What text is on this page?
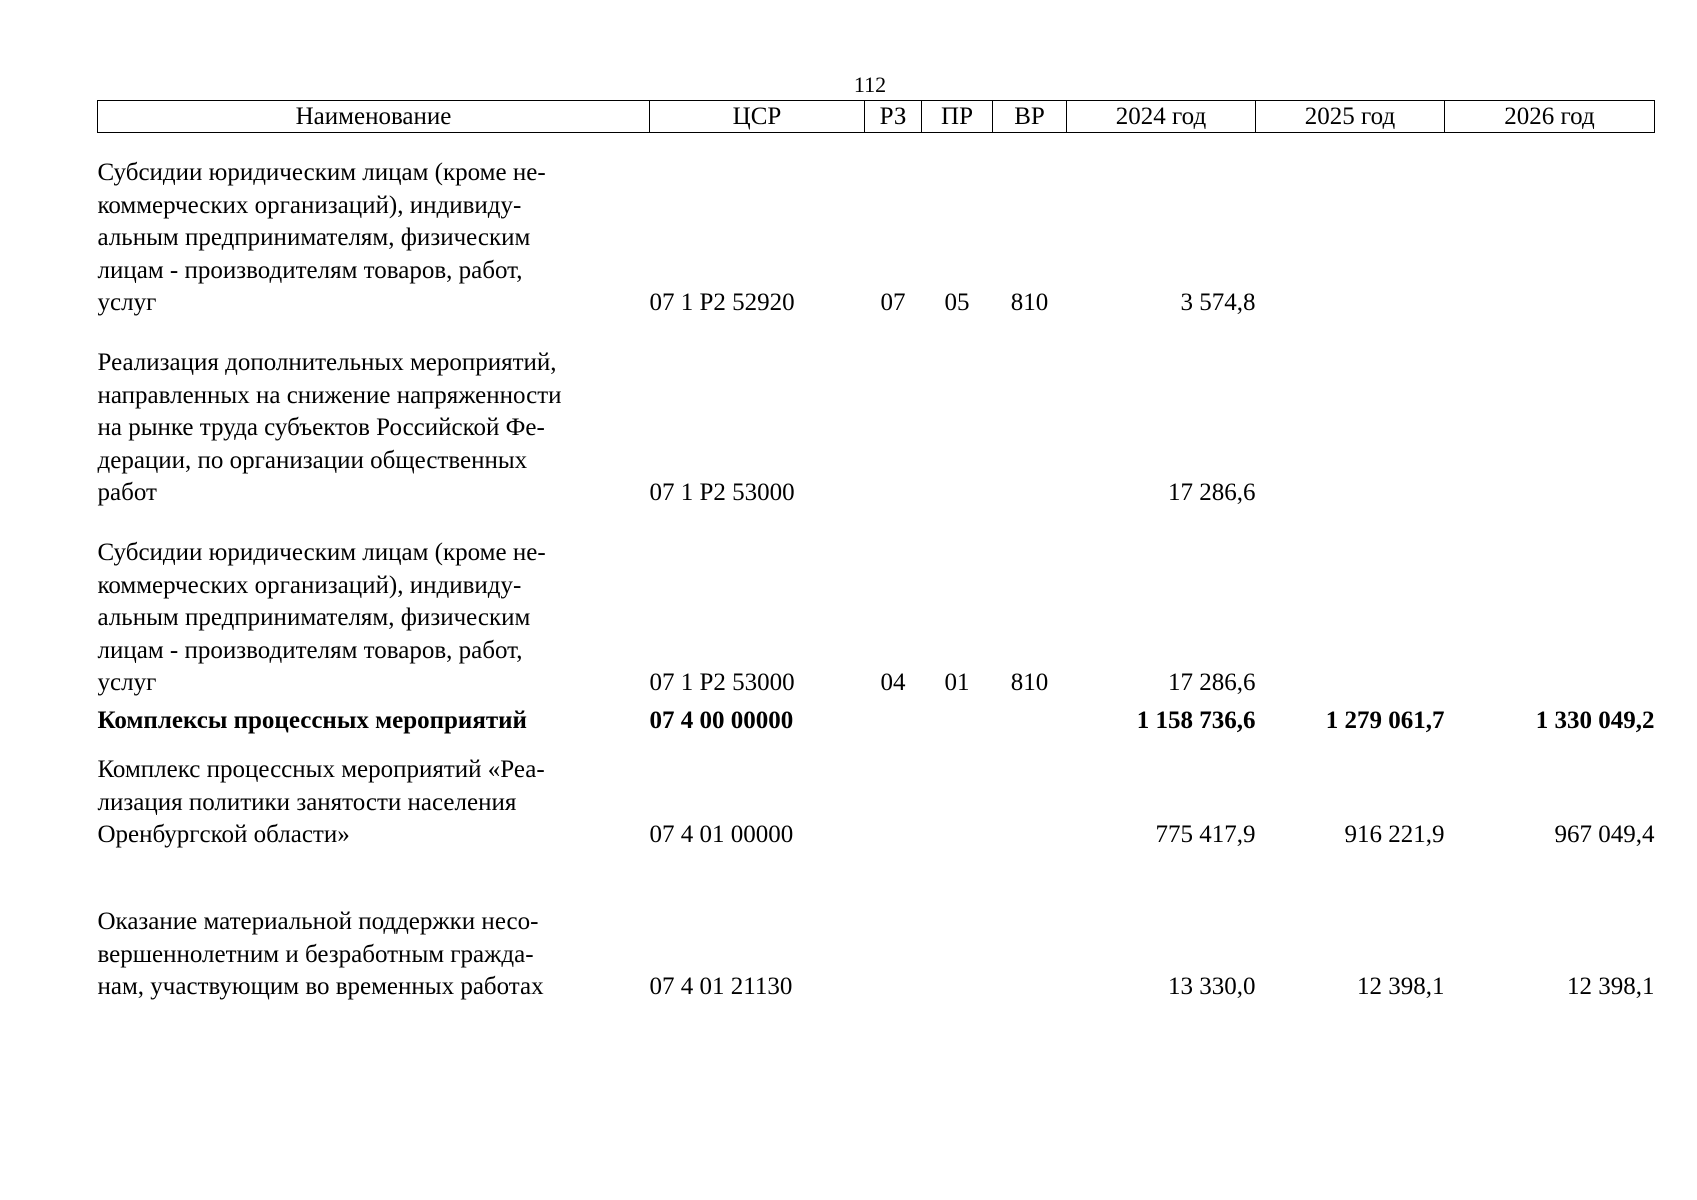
112
Наименование	ЦСР	РЗ	ПР	ВР	2024 год	2025 год	2026 год

Субсидии юридическим лицам (кроме не-
коммерческих организаций), индивиду-
альным предпринимателям, физическим
лицам - производителям товаров, работ,
услуг	07 1 Р2 52920	07	05	810	3 574,8		

Реализация дополнительных мероприятий,
направленных на снижение напряженности
на рынке труда субъектов Российской Фе-
дерации, по организации общественных
работ	07 1 Р2 53000				17 286,6		

Субсидии юридическим лицам (кроме не-
коммерческих организаций), индивиду-
альным предпринимателям, физическим
лицам - производителям товаров, работ,
услуг	07 1 Р2 53000	04	01	810	17 286,6		

Комплексы процессных мероприятий	07 4 00 00000				1 158 736,6	1 279 061,7	1 330 049,2

Комплекс процессных мероприятий «Реа-
лизация политики занятости населения
Оренбургской области»	07 4 01 00000				775 417,9	916 221,9	967 049,4

Оказание материальной поддержки несо-
вершеннолетним и безработным гражда-
нам, участвующим во временных работах	07 4 01 21130				13 330,0	12 398,1	12 398,1
